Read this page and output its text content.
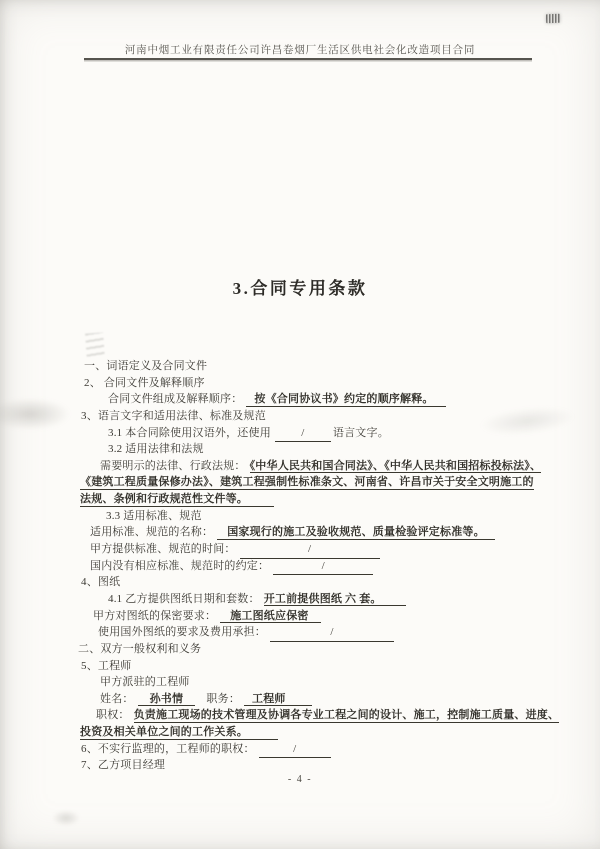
河南中烟工业有限责任公司许昌卷烟厂生活区供电社会化改造项目合同
3.合同专用条款
一、词语定义及合同文件
2、 合同文件及解释顺序
合同文件组成及解释顺序： 按《合同协议书》约定的顺序解释。
3、语言文字和适用法律、标准及规范
3.1 本合同除使用汉语外，还使用	/	语言文字。
3.2 适用法律和法规
需要明示的法律、行政法规： 《中华人民共和国合同法》、《中华人民共和国招标投标法》、
《建筑工程质量保修办法》、建筑工程强制性标准条文、河南省、许昌市关于安全文明施工的
法规、条例和行政规范性文件等。
3.3 适用标准、规范
适用标准、规范的名称： 国家现行的施工及验收规范、质量检验评定标准等。
甲方提供标准、规范的时间：	/
国内没有相应标准、规范时的约定：	/
4、图纸
4.1 乙方提供图纸日期和套数： 开工前提供图纸 六 套。
甲方对图纸的保密要求： 施工图纸应保密
使用国外图纸的要求及费用承担：	/
二、双方一般权利和义务
5、工程师
甲方派驻的工程师
姓名： 孙书情　职务： 工程师
职权： 负责施工现场的技术管理及协调各专业工程之间的设计、施工，控制施工质量、进度、
投资及相关单位之间的工作关系。
6、不实行监理的，工程师的职权：	/
7、乙方项目经理
- 4 -
